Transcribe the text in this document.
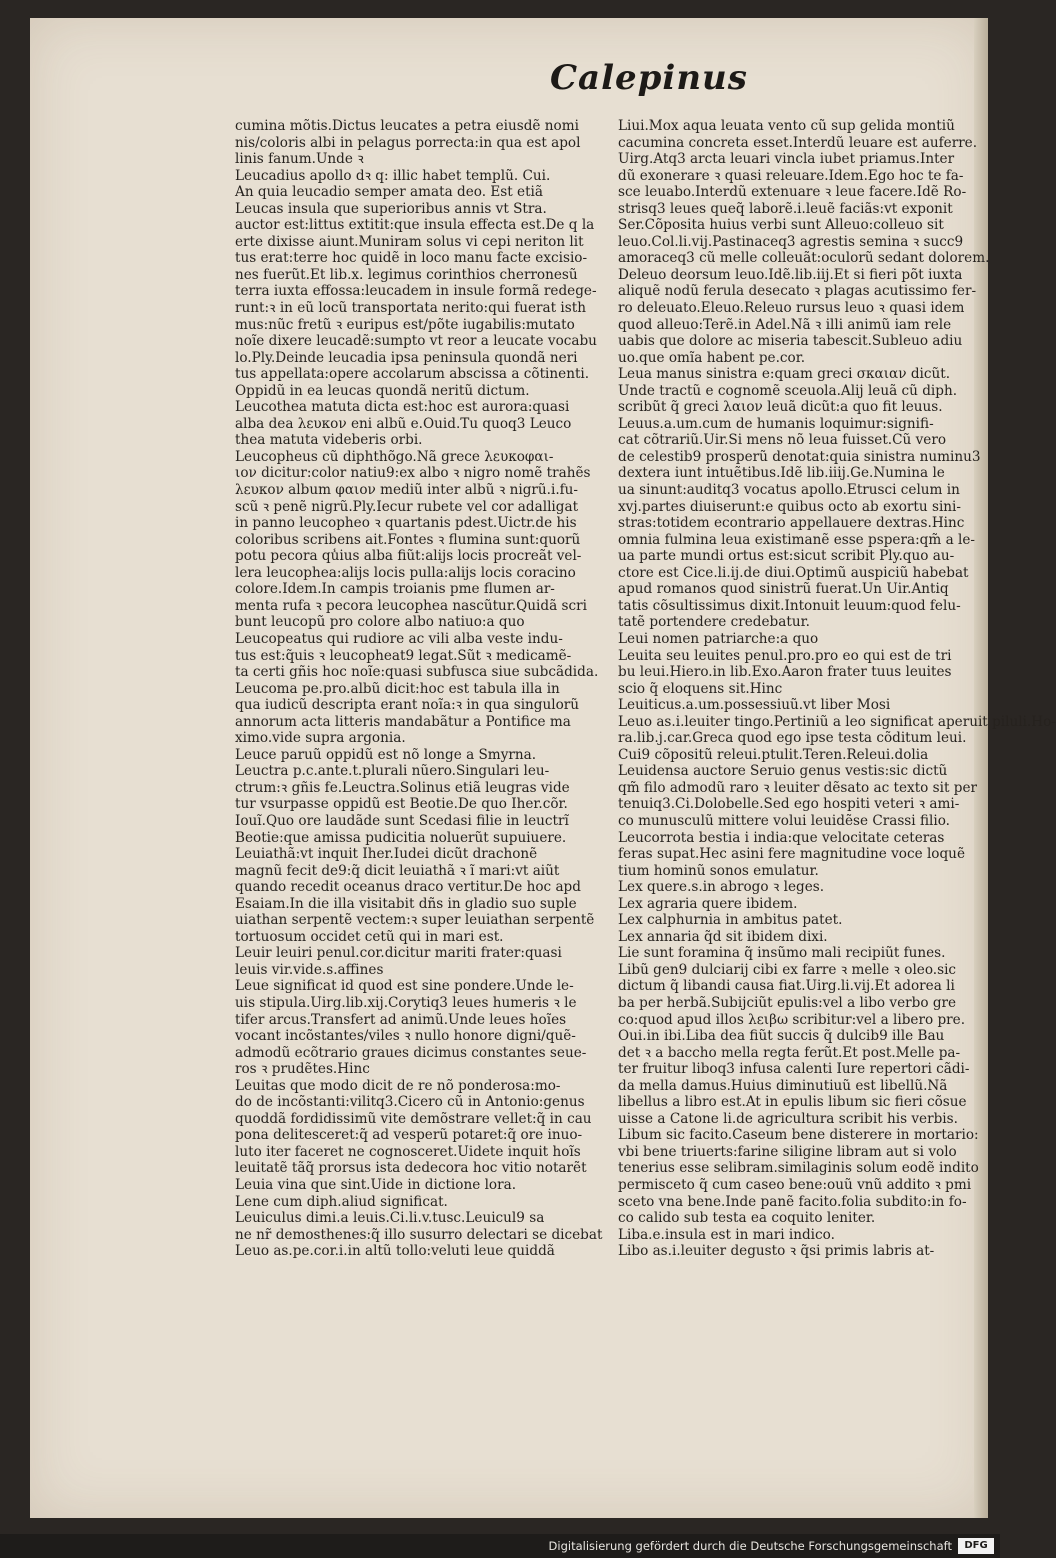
Calepinus
cumina mõtis.Dictus leucates a petra eiusdẽ nomi
nis/coloris albi in pelagus porrecta:in qua est apol
linis fanum.Unde ꝛ
Leucadius apollo dꝛ q: illic habet templũ. Cui.
An quia leucadio semper amata deo. Est etiã
Leucas insula que superioribus annis vt Stra.
auctor est:littus extitit:que insula effecta est.De q la
erte dixisse aiunt.Muniram solus vi cepi neriton lit
tus erat:terre hoc quidẽ in loco manu facte excisio-
nes fuerũt.Et lib.x. legimus corinthios cherronesũ
terra iuxta effossa:leucadem in insule formã redege-
runt:ꝛ in eũ locũ transportata nerito:qui fuerat isth
mus:nũc fretũ ꝛ euripus est/põte iugabilis:mutato
noĩe dixere leucadẽ:sumpto vt reor a leucate vocabu
lo.Ply.Deinde leucadia ipsa peninsula quondã neri
tus appellata:opere accolarum abscissa a cõtinenti.
Oppidũ in ea leucas quondã neritũ dictum.
Leucothea matuta dicta est:hoc est aurora:quasi
alba dea λευκον eni albũ e.Ouid.Tu quoq3 Leuco
thea matuta videberis orbi.
Leucopheus cũ diphthõgo.Nã grece λευκοφαι-
ιον dicitur:color natiu9:ex albo ꝛ nigro nomẽ trahẽs
λευκον album φαιον mediũ inter albũ ꝛ nigrũ.i.fu-
scũ ꝛ penẽ nigrũ.Ply.Iecur rubete vel cor adalligat
in panno leucopheo ꝛ quartanis pdest.Uictr.de his
coloribus scribens ait.Fontes ꝛ flumina sunt:quorũ
potu pecora qu̾ius alba fiũt:alijs locis procreãt vel-
lera leucophea:alijs locis pulla:alijs locis coracino
colore.Idem.In campis troianis pme flumen ar-
menta rufa ꝛ pecora leucophea nascũtur.Quidã scri
bunt leucopũ pro colore albo natiuo:a quo
Leucopeatus qui rudiore ac vili alba veste indu-
tus est:q̃uis ꝛ leucopheat9 legat.Sũt ꝛ medicamẽ-
ta certi gñis hoc noĩe:quasi subfusca siue subcãdida.
Leucoma pe.pro.albũ dicit:hoc est tabula illa in
qua iudicũ descripta erant noĩa:ꝛ in qua singulorũ
annorum acta litteris mandabãtur a Pontifice ma
ximo.vide supra argonia.
Leuce paruũ oppidũ est nõ longe a Smyrna.
Leuctra p.c.ante.t.plurali nũero.Singulari leu-
ctrum:ꝛ gñis fe.Leuctra.Solinus etiã leugras vide
tur vsurpasse oppidũ est Beotie.De quo Iher.cõr.
Iouĩ.Quo ore laudãde sunt Scedasi filie in leuctrĩ
Beotie:que amissa pudicitia noluerũt supuiuere.
Leuiathã:vt inquit Iher.Iudei dicũt drachonẽ
magnũ fecit de9:q̃ dicit leuiathã ꝛ ĩ mari:vt aiũt
quando recedit oceanus draco vertitur.De hoc apd
Esaiam.In die illa visitabit dñs in gladio suo suple
uiathan serpentẽ vectem:ꝛ super leuiathan serpentẽ
tortuosum occidet cetũ qui in mari est.
Leuir leuiri penul.cor.dicitur mariti frater:quasi
leuis vir.vide.s.affines
Leue significat id quod est sine pondere.Unde le-
uis stipula.Uirg.lib.xij.Corytiq3 leues humeris ꝛ le
tifer arcus.Transfert ad animũ.Unde leues hoĩes
vocant incõstantes/viles ꝛ nullo honore digni/quẽ-
admodũ ecõtrario graues dicimus constantes seue-
ros ꝛ prudẽtes.Hinc
Leuitas que modo dicit de re nõ ponderosa:mo-
do de incõstanti:vilitq3.Cicero cũ in Antonio:genus
quoddã fordidissimũ vite demõstrare vellet:q̃ in cau
pona delitesceret:q̃ ad vesperũ potaret:q̃ ore inuo-
luto iter faceret ne cognosceret.Uidete inquit hoĩs
leuitatẽ tãq̃ prorsus ista dedecora hoc vitio notarẽt
Leuia vina que sint.Uide in dictione lora.
Lene cum diph.aliud significat.
Leuiculus dimi.a leuis.Ci.li.v.tusc.Leuicul9 sa
ne nr̃ demosthenes:q̃ illo susurro delectari se dicebat
Leuo as.pe.cor.i.in altũ tollo:veluti leue quiddã
Liui.Mox aqua leuata vento cũ sup gelida montiũ
cacumina concreta esset.Interdũ leuare est auferre.
Uirg.Atq3 arcta leuari vincla iubet priamus.Inter
dũ exonerare ꝛ quasi releuare.Idem.Ego hoc te fa-
sce leuabo.Interdũ extenuare ꝛ leue facere.Idẽ Ro-
strisq3 leues queq̃ laborẽ.i.leuẽ faciãs:vt exponit
Ser.Cõposita huius verbi sunt Alleuo:colleuo sit
leuo.Col.li.vij.Pastinaceq3 agrestis semina ꝛ succ9
amoraceq3 cũ melle colleuãt:oculorũ sedant dolorem.
Deleuo deorsum leuo.Idẽ.lib.iij.Et si fieri põt iuxta
aliquẽ nodũ ferula desecato ꝛ plagas acutissimo fer-
ro deleuato.Eleuo.Releuo rursus leuo ꝛ quasi idem
quod alleuo:Terẽ.in Adel.Nã ꝛ illi animũ iam rele
uabis que dolore ac miseria tabescit.Subleuo adiu
uo.que omĩa habent pe.cor.
Leua manus sinistra e:quam greci σκαιαν dicũt.
Unde tractũ e cognomẽ sceuola.Alij leuã cũ diph.
scribũt q̃ greci λαιον leuã dicũt:a quo fit leuus.
Leuus.a.um.cum de humanis loquimur:signifi-
cat cõtrariũ.Uir.Si mens nõ leua fuisset.Cũ vero
de celestib9 prosperũ denotat:quia sinistra numinu3
dextera iunt intuẽtibus.Idẽ lib.iiij.Ge.Numina le
ua sinunt:auditq3 vocatus apollo.Etrusci celum in
xvj.partes diuiserunt:e quibus octo ab exortu sini-
stras:totidem econtrario appellauere dextras.Hinc
omnia fulmina leua existimanẽ esse pspera:qm̃ a le-
ua parte mundi ortus est:sicut scribit Ply.quo au-
ctore est Cice.li.ij.de diui.Optimũ auspiciũ habebat
apud romanos quod sinistrũ fuerat.Un Uir.Antiq
tatis cõsultissimus dixit.Intonuit leuum:quod felu-
tatẽ portendere credebatur.
Leui nomen patriarche:a quo
Leuita seu leuites penul.pro.pro eo qui est de tri
bu leui.Hiero.in lib.Exo.Aaron frater tuus leuites
scio q̃ eloquens sit.Hinc
Leuiticus.a.um.possessiuũ.vt liber Mosi
Leuo as.i.leuiter tingo.Pertiniũ a leo significat aperuit piluli.Ho-
ra.lib.j.car.Greca quod ego ipse testa cõditum leui.
Cui9 cõpositũ releui.ptulit.Teren.Releui.dolia
Leuidensa auctore Seruio genus vestis:sic dictũ
qm̃ filo admodũ raro ꝛ leuiter dẽsato ac texto sit per
tenuiq3.Ci.Dolobelle.Sed ego hospiti veteri ꝛ ami-
co munusculũ mittere volui leuidẽse Crassi filio.
Leucorrota bestia i india:que velocitate ceteras
feras supat.Hec asini fere magnitudine voce loquẽ
tium hominũ sonos emulatur.
Lex quere.s.in abrogo ꝛ leges.
Lex agraria quere ibidem.
Lex calphurnia in ambitus patet.
Lex annaria q̃d sit ibidem dixi.
Lie sunt foramina q̃ insũmo mali recipiũt funes.
Libũ gen9 dulciarij cibi ex farre ꝛ melle ꝛ oleo.sic
dictum q̃ libandi causa fiat.Uirg.li.vij.Et adorea li
ba per herbã.Subijciũt epulis:vel a libo verbo gre
co:quod apud illos λειβω scribitur:vel a libero pre.
Oui.in ibi.Liba dea fiũt succis q̃ dulcib9 ille Bau
det ꝛ a baccho mella regta ferũt.Et post.Melle pa-
ter fruitur liboq3 infusa calenti Iure repertori cãdi-
da mella damus.Huius diminutiuũ est libellũ.Nã
libellus a libro est.At in epulis libum sic fieri cõsue
uisse a Catone li.de agricultura scribit his verbis.
Libum sic facito.Caseum bene disterere in mortario:
vbi bene triuerts:farine siligine libram aut si volo
tenerius esse selibram.similaginis solum eodẽ indito
permisceto q̃ cum caseo bene:ouũ vnũ addito ꝛ pmi
sceto vna bene.Inde panẽ facito.folia subdito:in fo-
co calido sub testa ea coquito leniter.
Liba.e.insula est in mari indico.
Libo as.i.leuiter degusto ꝛ q̃si primis labris at-
Digitalisierung gefördert durch die Deutsche Forschungsgemeinschaft	DFG
